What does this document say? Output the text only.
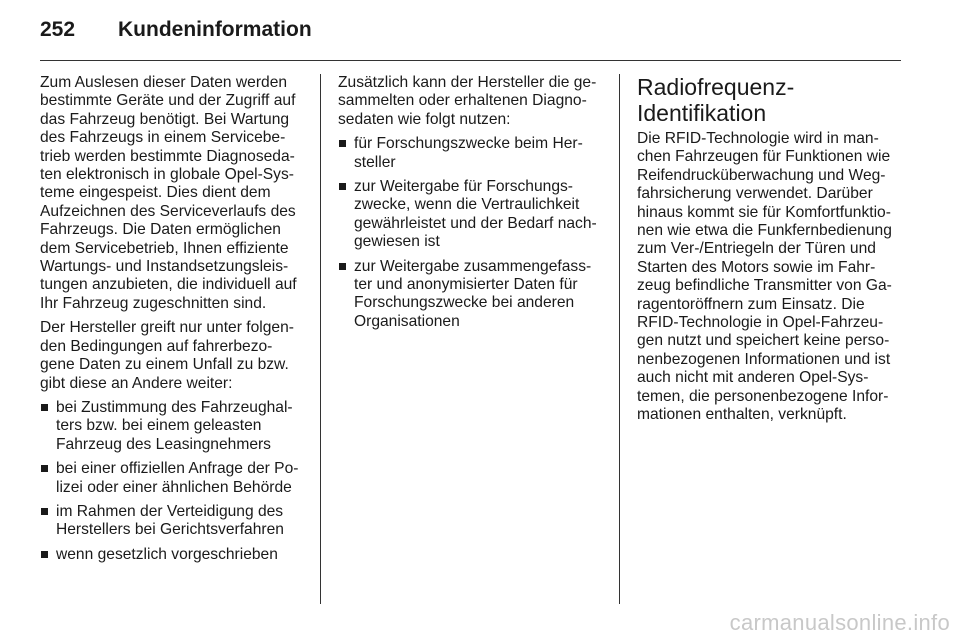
252 Kundeninformation

Zum Auslesen dieser Daten werden
bestimmte Geräte und der Zugriff auf
das Fahrzeug benötigt. Bei Wartung
des Fahrzeugs in einem Servicebe-
trieb werden bestimmte Diagnoseda-
ten elektronisch in globale Opel-Sys-
teme eingespeist. Dies dient dem
Aufzeichnen des Serviceverlaufs des
Fahrzeugs. Die Daten ermöglichen
dem Servicebetrieb, Ihnen effiziente
Wartungs- und Instandsetzungsleis-
tungen anzubieten, die individuell auf
Ihr Fahrzeug zugeschnitten sind.

Der Hersteller greift nur unter folgen-
den Bedingungen auf fahrerbezo-
gene Daten zu einem Unfall zu bzw.
gibt diese an Andere weiter:

bei Zustimmung des Fahrzeughal-
ters bzw. bei einem geleasten
Fahrzeug des Leasingnehmers
bei einer offiziellen Anfrage der Po-
lizei oder einer ähnlichen Behörde
im Rahmen der Verteidigung des
Herstellers bei Gerichtsverfahren
wenn gesetzlich vorgeschrieben

Zusätzlich kann der Hersteller die ge-
sammelten oder erhaltenen Diagno-
sedaten wie folgt nutzen:

für Forschungszwecke beim Her-
steller
zur Weitergabe für Forschungs-
zwecke, wenn die Vertraulichkeit
gewährleistet und der Bedarf nach-
gewiesen ist
zur Weitergabe zusammengefass-
ter und anonymisierter Daten für
Forschungszwecke bei anderen
Organisationen
Radiofrequenz-
Identifikation

Die RFID-Technologie wird in man-
chen Fahrzeugen für Funktionen wie
Reifendrucküberwachung und Weg-
fahrsicherung verwendet. Darüber
hinaus kommt sie für Komfortfunktio-
nen wie etwa die Funkfernbedienung
zum Ver-/Entriegeln der Türen und
Starten des Motors sowie im Fahr-
zeug befindliche Transmitter von Ga-
ragentoröffnern zum Einsatz. Die
RFID-Technologie in Opel-Fahrzeu-
gen nutzt und speichert keine perso-
nenbezogenen Informationen und ist
auch nicht mit anderen Opel-Sys-
temen, die personenbezogene Infor-
mationen enthalten, verknüpft.

carmanualsonline.info
